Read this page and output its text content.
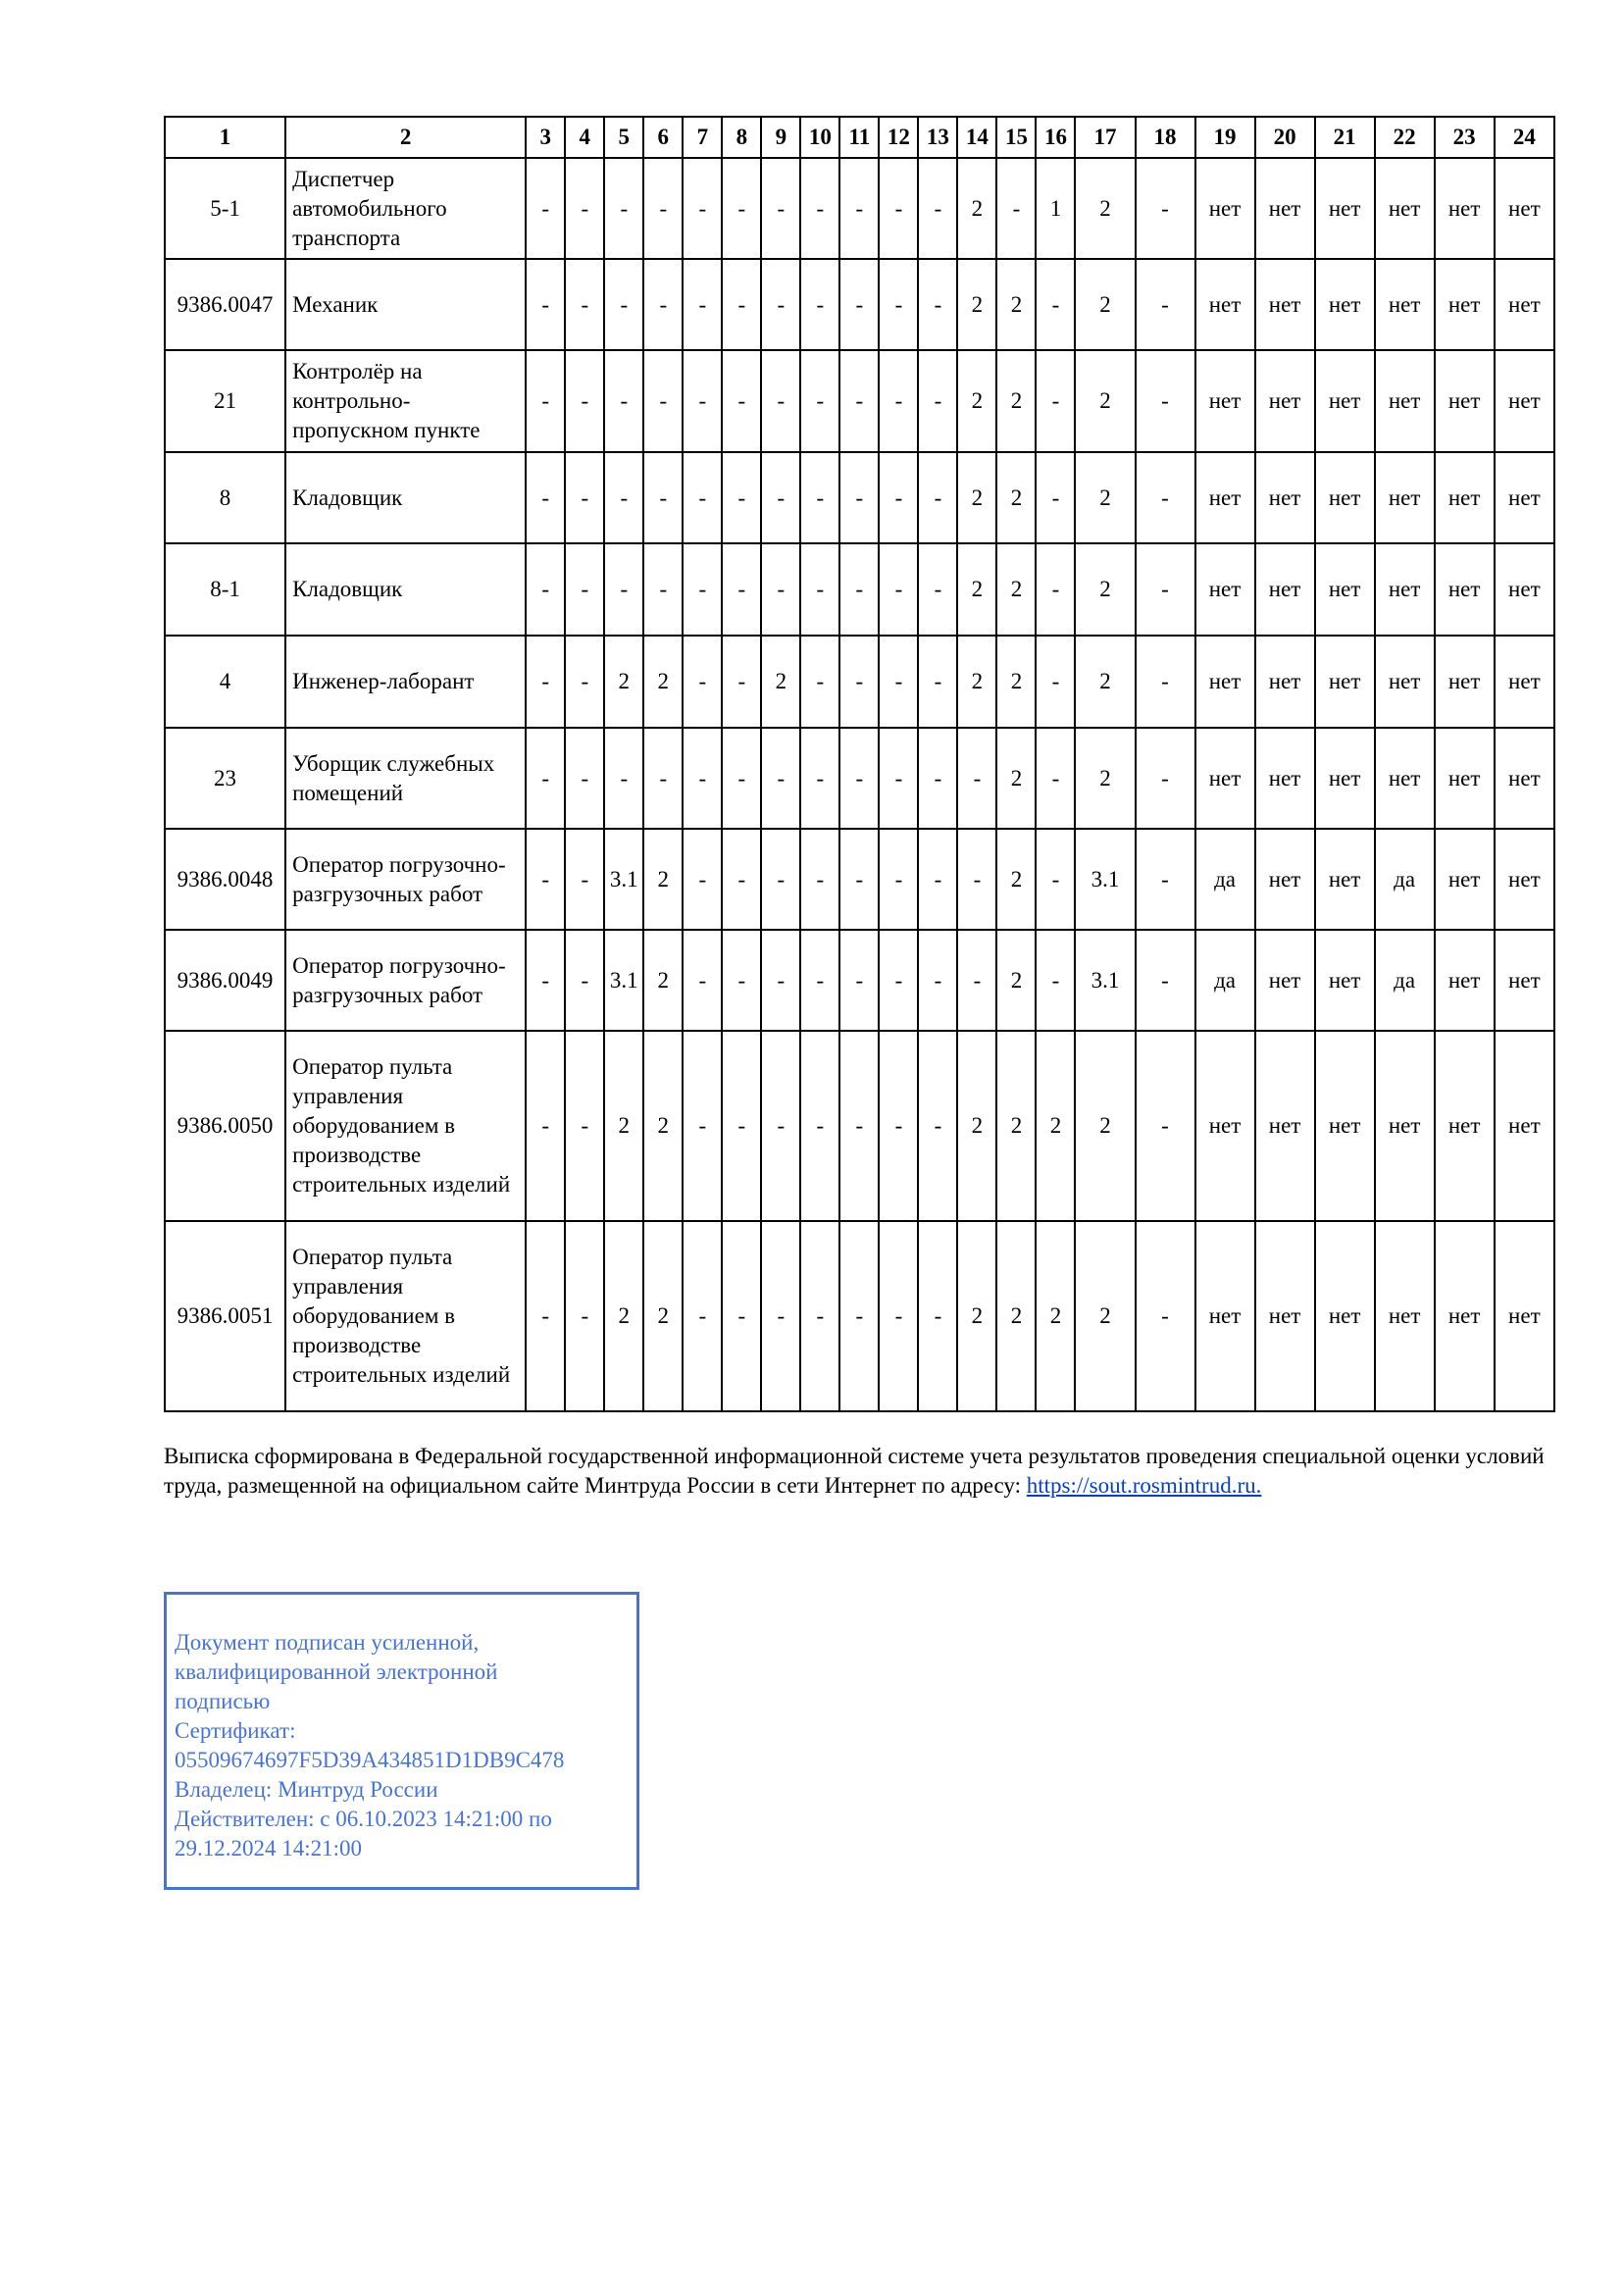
1	2	3	4	5	6	7	8	9	10	11	12	13	14	15	16	17	18	19	20	21	22	23	24
5-1	Диспетчер автомобильного транспорта	-	-	-	-	-	-	-	-	-	-	-	2	-	1	2	-	нет	нет	нет	нет	нет	нет
9386.0047	Механик	-	-	-	-	-	-	-	-	-	-	-	2	2	-	2	-	нет	нет	нет	нет	нет	нет
21	Контролёр на контрольно-пропускном пункте	-	-	-	-	-	-	-	-	-	-	-	2	2	-	2	-	нет	нет	нет	нет	нет	нет
8	Кладовщик	-	-	-	-	-	-	-	-	-	-	-	2	2	-	2	-	нет	нет	нет	нет	нет	нет
8-1	Кладовщик	-	-	-	-	-	-	-	-	-	-	-	2	2	-	2	-	нет	нет	нет	нет	нет	нет
4	Инженер-лаборант	-	-	2	2	-	-	2	-	-	-	-	2	2	-	2	-	нет	нет	нет	нет	нет	нет
23	Уборщик служебных помещений	-	-	-	-	-	-	-	-	-	-	-	-	2	-	2	-	нет	нет	нет	нет	нет	нет
9386.0048	Оператор погрузочно-разгрузочных работ	-	-	3.1	2	-	-	-	-	-	-	-	-	2	-	3.1	-	да	нет	нет	да	нет	нет
9386.0049	Оператор погрузочно-разгрузочных работ	-	-	3.1	2	-	-	-	-	-	-	-	-	2	-	3.1	-	да	нет	нет	да	нет	нет
9386.0050	Оператор пульта управления оборудованием в производстве строительных изделий	-	-	2	2	-	-	-	-	-	-	-	2	2	2	2	-	нет	нет	нет	нет	нет	нет
9386.0051	Оператор пульта управления оборудованием в производстве строительных изделий	-	-	2	2	-	-	-	-	-	-	-	2	2	2	2	-	нет	нет	нет	нет	нет	нет
Выписка сформирована в Федеральной государственной информационной системе учета результатов проведения специальной оценки условий труда, размещенной на официальном сайте Минтруда России в сети Интернет по адресу: https://sout.rosmintrud.ru.
Документ подписан усиленной,
квалифицированной электронной
подписью
Сертификат:
05509674697F5D39A434851D1DB9C478
Владелец: Минтруд России
Действителен: с 06.10.2023 14:21:00 по
29.12.2024 14:21:00
